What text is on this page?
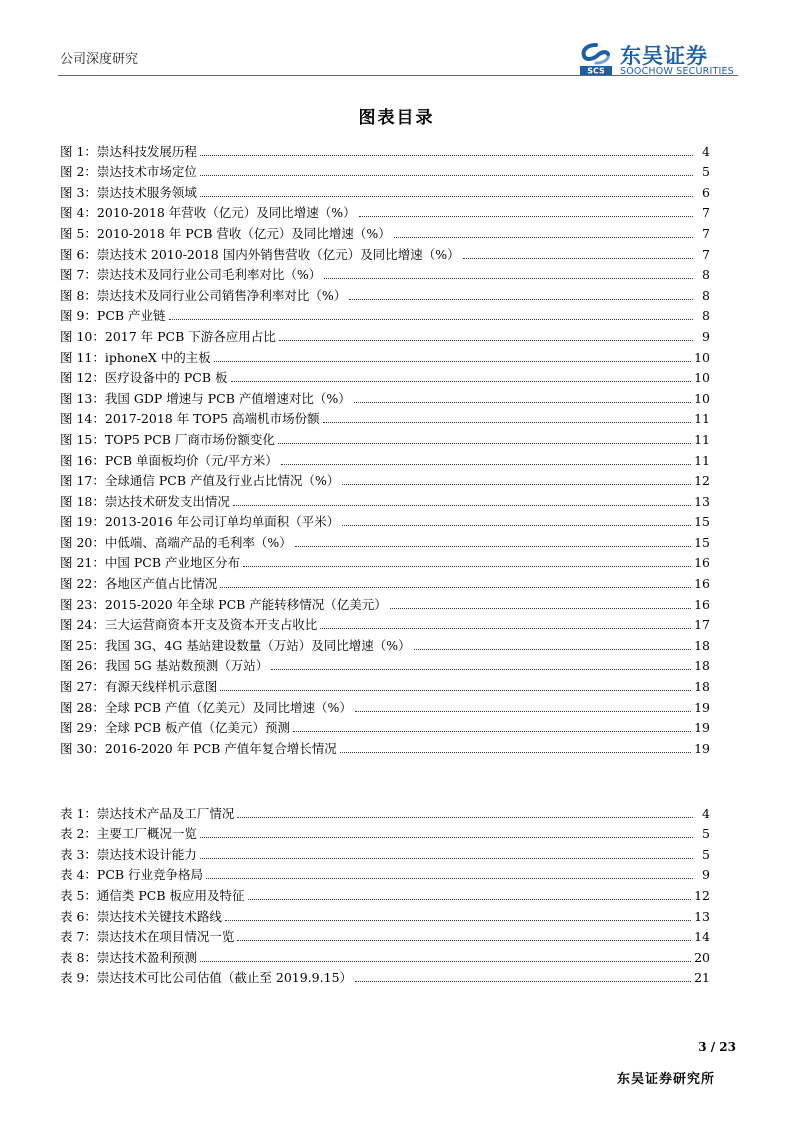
公司深度研究
SCS
东吴证券
SOOCHOW SECURITIES
图表目录
图 1：崇达科技发展历程	4
图 2：崇达技术市场定位	5
图 3：崇达技术服务领域	6
图 4：2010-2018 年营收（亿元）及同比增速（%）	7
图 5：2010-2018 年 PCB 营收（亿元）及同比增速（%）	7
图 6：崇达技术 2010-2018 国内外销售营收（亿元）及同比增速（%）	7
图 7：崇达技术及同行业公司毛利率对比（%）	8
图 8：崇达技术及同行业公司销售净利率对比（%）	8
图 9：PCB 产业链	8
图 10：2017 年 PCB 下游各应用占比	9
图 11：iphoneX 中的主板	10
图 12：医疗设备中的 PCB 板	10
图 13：我国 GDP 增速与 PCB 产值增速对比（%）	10
图 14：2017-2018 年 TOP5 高端机市场份额	11
图 15：TOP5 PCB 厂商市场份额变化	11
图 16：PCB 单面板均价（元/平方米）	11
图 17：全球通信 PCB 产值及行业占比情况（%）	12
图 18：崇达技术研发支出情况	13
图 19：2013-2016 年公司订单均单面积（平米）	15
图 20：中低端、高端产品的毛利率（%）	15
图 21：中国 PCB 产业地区分布	16
图 22：各地区产值占比情况	16
图 23：2015-2020 年全球 PCB 产能转移情况（亿美元）	16
图 24：三大运营商资本开支及资本开支占收比	17
图 25：我国 3G、4G 基站建设数量（万站）及同比增速（%）	18
图 26：我国 5G 基站数预测（万站）	18
图 27：有源天线样机示意图	18
图 28：全球 PCB 产值（亿美元）及同比增速（%）	19
图 29：全球 PCB 板产值（亿美元）预测	19
图 30：2016-2020 年 PCB 产值年复合增长情况	19
表 1：崇达技术产品及工厂情况	4
表 2：主要工厂概况一览	5
表 3：崇达技术设计能力	5
表 4：PCB 行业竞争格局	9
表 5：通信类 PCB 板应用及特征	12
表 6：崇达技术关键技术路线	13
表 7：崇达技术在项目情况一览	14
表 8：崇达技术盈利预测	20
表 9：崇达技术可比公司估值（截止至 2019.9.15）	21
3 / 23
东吴证券研究所
